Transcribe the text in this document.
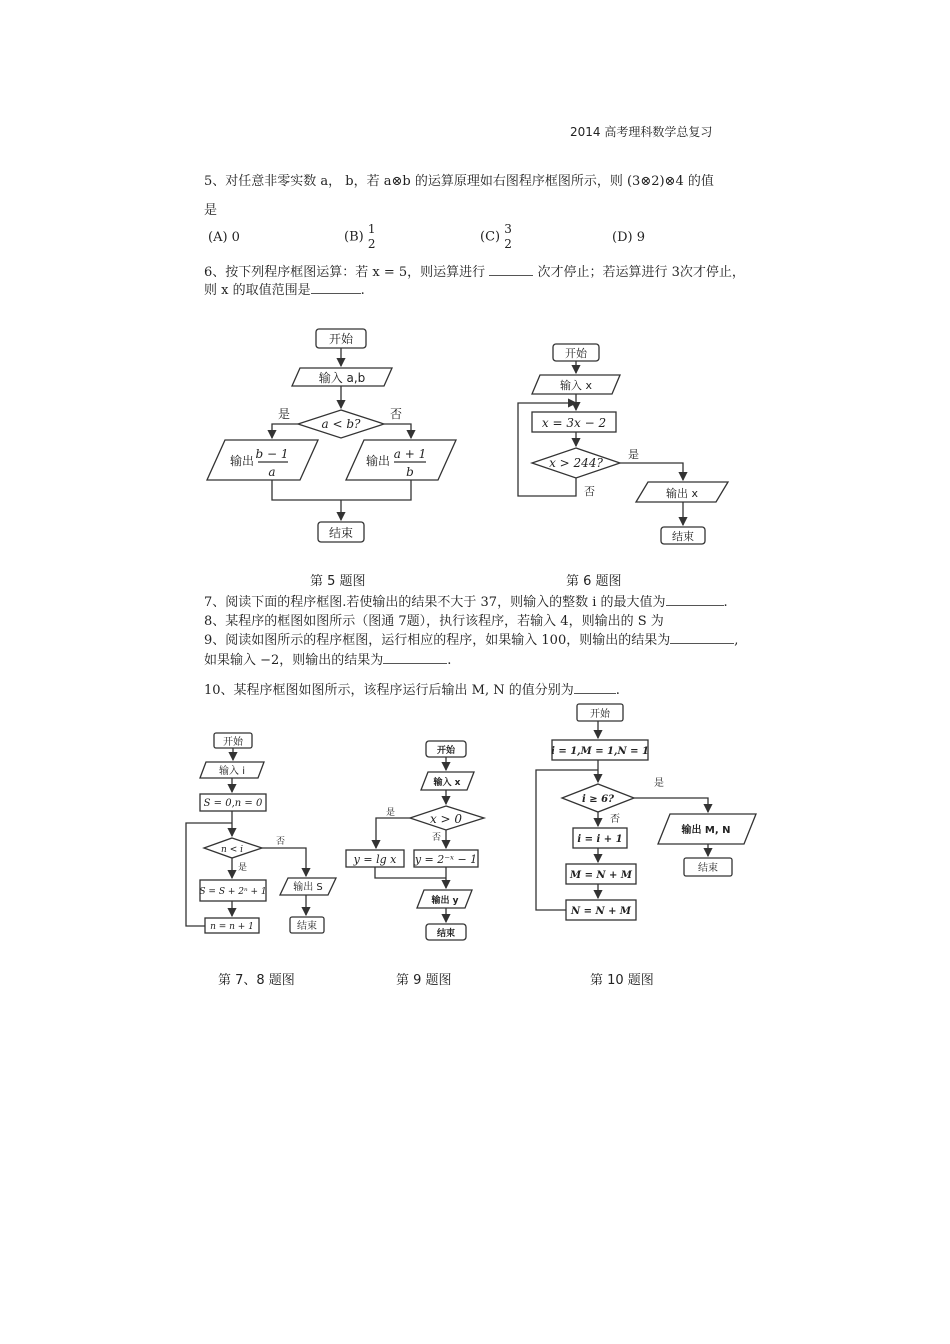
2014 高考理科数学总复习
5、对任意非零实数 a， b，若 a⊗b 的运算原理如右图程序框图所示，则 (3⊗2)⊗4 的值
是
(A) 0	(B) 1
2	(C) 3
2	(D) 9
6、按下列程序框图运算：若 x = 5，则运算进行	次才停止；若运算进行 3次才停止，
则 x 的取值范围是	.
开始
输入 a,b
a < b?
是	否
输出 b − 1
a
输出 a + 1
b
结束
第 5 题图
开始
输入 x
x = 3x − 2
x > 244?
否
是
输出 x
结束
第 6 题图
7、阅读下面的程序框图.若使输出的结果不大于 37，则输入的整数 i 的最大值为	.
8、某程序的框图如图所示（图通 7题），执行该程序，若输入 4，则输出的 S 为
9、阅读如图所示的程序框图，运行相应的程序，如果输入 100，则输出的结果为	,
如果输入 −2，则输出的结果为	.
10、某程序框图如图所示，该程序运行后输出 M, N 的值分别为	.
开始
输入 i
S = 0,n = 0
n < i
否
是
S = S + 2ⁿ + 1
n = n + 1
输出 S
结束
第 7、8 题图
开始
输入 x
x > 0
是
否
y = lg x y = 2⁻ˣ − 1
输出 y
结束
第 9 题图
开始
i = 1,M = 1,N = 1
i ≥ 6?
是
否
i = i + 1
M = N + M
N = N + M
输出 M, N
结束
第 10 题图
